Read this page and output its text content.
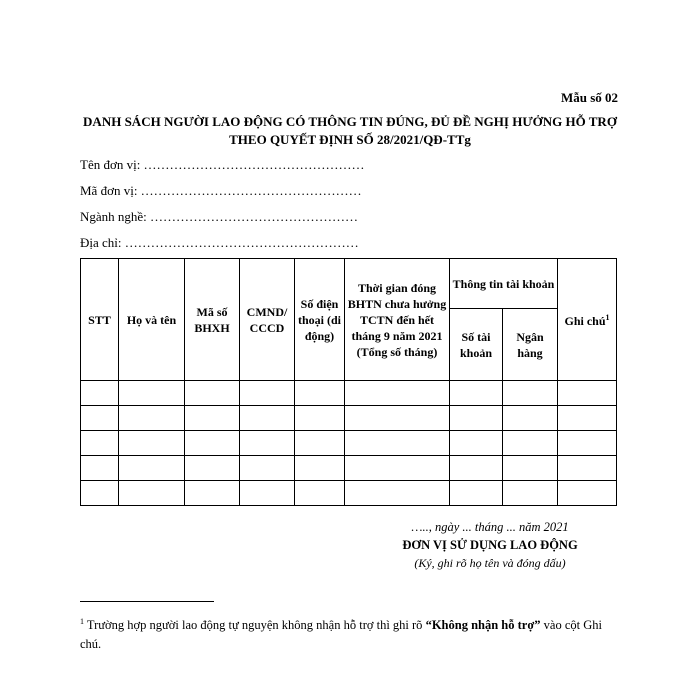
Mẫu số 02
DANH SÁCH NGƯỜI LAO ĐỘNG CÓ THÔNG TIN ĐÚNG, ĐỦ ĐỀ NGHỊ HƯỞNG HỖ TRỢ THEO QUYẾT ĐỊNH SỐ 28/2021/QĐ-TTg
Tên đơn vị: ……………………………………………
Mã đơn vị: ……………………………………………
Ngành nghề: …………………………………………
Địa chỉ: ………………………………………………
STT	Họ và tên	Mã số BHXH	CMND/ CCCD	Số điện thoại (di động)	Thời gian đóng BHTN chưa hưởng TCTN đến hết tháng 9 năm 2021 (Tổng số tháng)	Thông tin tài khoản		Ghi chú$^1$
						Số tài khoản	Ngân hàng	

….., ngày ... tháng ... năm 2021
ĐƠN VỊ SỬ DỤNG LAO ĐỘNG
(Ký, ghi rõ họ tên và đóng dấu)
$^1$ Trường hợp người lao động tự nguyện không nhận hỗ trợ thì ghi rõ “Không nhận hỗ trợ” vào cột Ghi chú.
